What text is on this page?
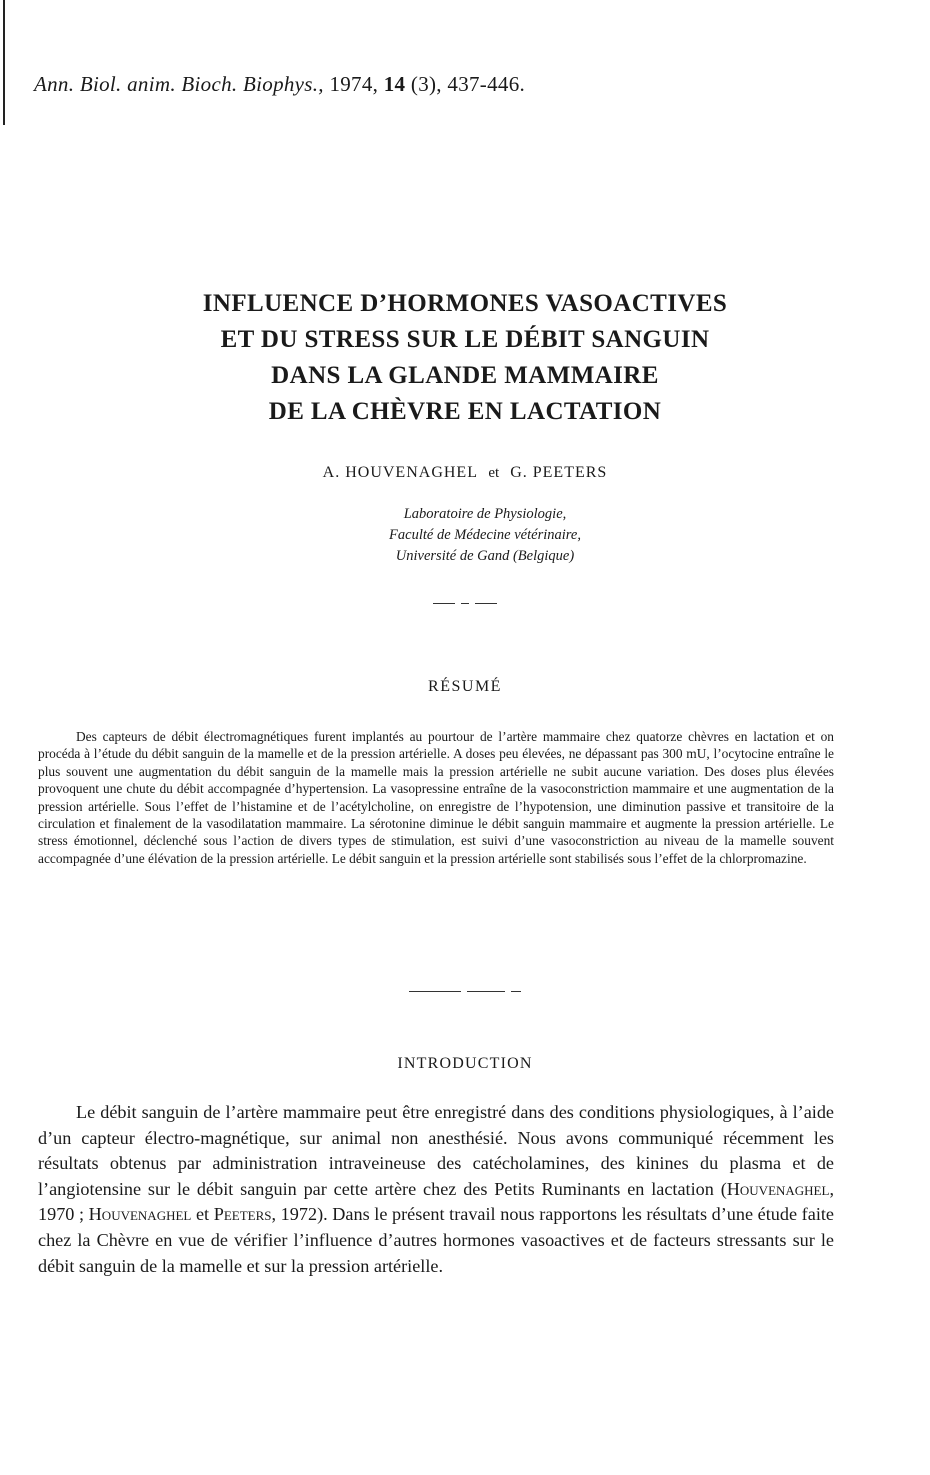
Ann. Biol. anim. Bioch. Biophys., 1974, 14 (3), 437-446.
INFLUENCE D’HORMONES VASOACTIVES
ET DU STRESS SUR LE DÉBIT SANGUIN
DANS LA GLANDE MAMMAIRE
DE LA CHÈVRE EN LACTATION
A. HOUVENAGHEL et G. PEETERS
Laboratoire de Physiologie,
Faculté de Médecine vétérinaire,
Université de Gand (Belgique)
RÉSUMÉ

Des capteurs de débit électromagnétiques furent implantés au pourtour de l’artère mammaire chez quatorze chèvres en lactation et on procéda à l’étude du débit sanguin de la mamelle et de la pression artérielle. A doses peu élevées, ne dépassant pas 300 mU, l’ocytocine entraîne le plus souvent une augmentation du débit sanguin de la mamelle mais la pression artérielle ne subit aucune variation. Des doses plus élevées provoquent une chute du débit accompagnée d’hypertension. La vasopressine entraîne de la vasoconstriction mammaire et une augmentation de la pression artérielle. Sous l’effet de l’histamine et de l’acétylcholine, on enregistre de l’hypotension, une diminution passive et transitoire de la circulation et finalement de la vasodilatation mammaire. La sérotonine diminue le débit sanguin mammaire et augmente la pression artérielle. Le stress émotionnel, déclenché sous l’action de divers types de stimulation, est suivi d’une vasoconstriction au niveau de la mamelle souvent accompagnée d’une élévation de la pression artérielle. Le débit sanguin et la pression artérielle sont stabilisés sous l’effet de la chlorpromazine.

INTRODUCTION

Le débit sanguin de l’artère mammaire peut être enregistré dans des conditions physiologiques, à l’aide d’un capteur électro-magnétique, sur animal non anesthésié. Nous avons communiqué récemment les résultats obtenus par administration intraveineuse des catécholamines, des kinines du plasma et de l’angiotensine sur le débit sanguin par cette artère chez des Petits Ruminants en lactation (Houvenaghel, 1970 ; Houvenaghel et Peeters, 1972). Dans le présent travail nous rapportons les résultats d’une étude faite chez la Chèvre en vue de vérifier l’influence d’autres hormones vasoactives et de facteurs stressants sur le débit sanguin de la mamelle et sur la pression artérielle.
